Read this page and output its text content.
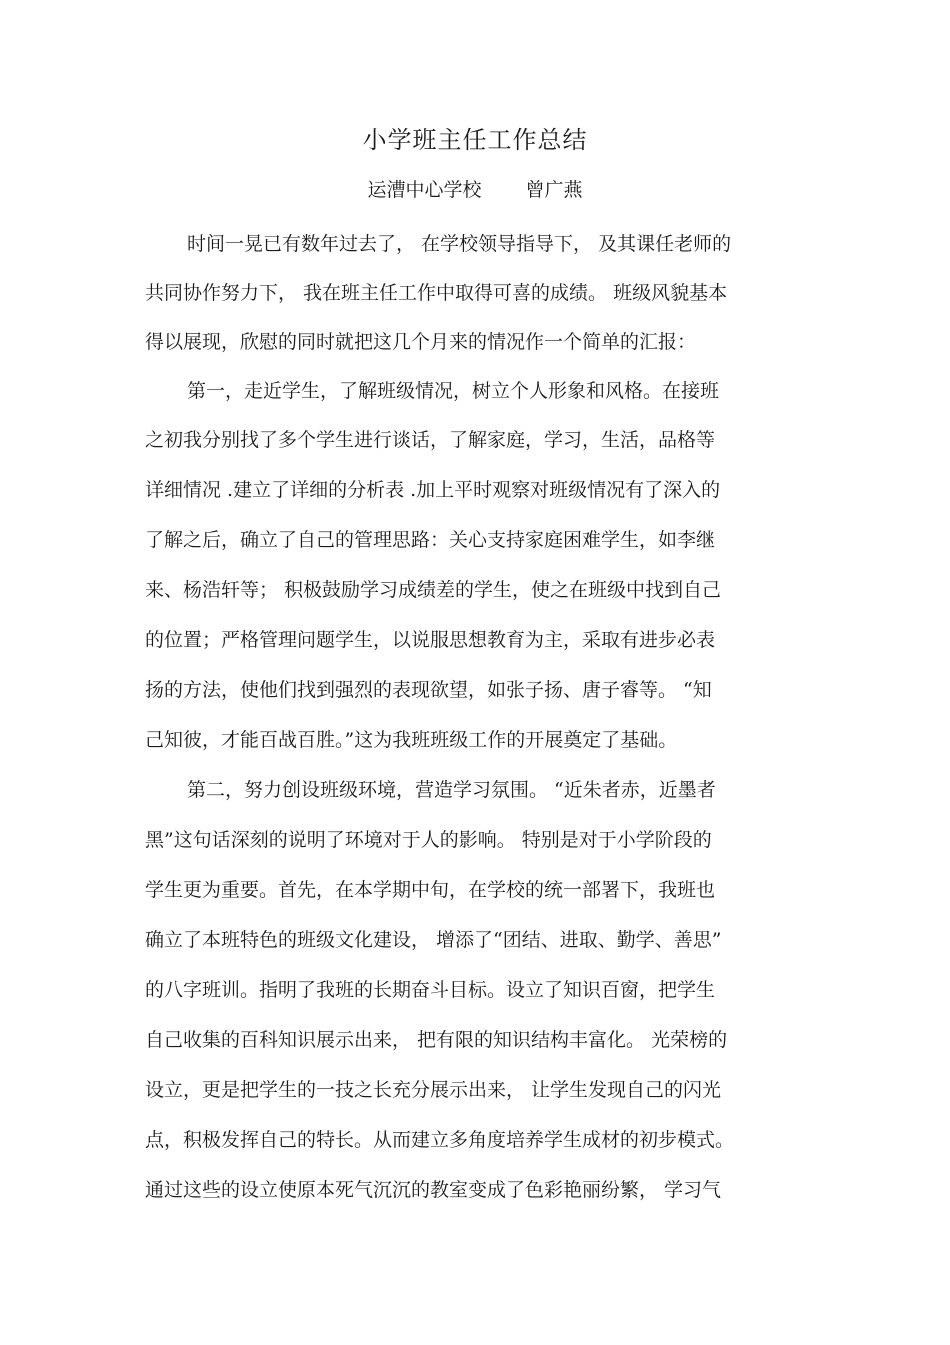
小学班主任工作总结
运漕中心学校 曾广燕
时间一晃已有数年过去了， 在学校领导指导下， 及其课任老师的
共同协作努力下， 我在班主任工作中取得可喜的成绩。 班级风貌基本
得以展现，欣慰的同时就把这几个月来的情况作一个简单的汇报：
第一，走近学生，了解班级情况，树立个人形象和风格。在接班
之初我分别找了多个学生进行谈话，了解家庭，学习，生活，品格等
详细情况 .建立了详细的分析表 .加上平时观察对班级情况有了深入的
了解之后，确立了自己的管理思路：关心支持家庭困难学生，如李继
来、杨浩轩等； 积极鼓励学习成绩差的学生，使之在班级中找到自己
的位置；严格管理问题学生，以说服思想教育为主，采取有进步必表
扬的方法，使他们找到强烈的表现欲望，如张子扬、唐子睿等。 “知
己知彼，才能百战百胜。”这为我班班级工作的开展奠定了基础。
第二，努力创设班级环境，营造学习氛围。 “近朱者赤，近墨者
黑”这句话深刻的说明了环境对于人的影响。 特别是对于小学阶段的
学生更为重要。首先，在本学期中旬，在学校的统一部署下，我班也
确立了本班特色的班级文化建设， 增添了“团结、进取、勤学、善思”
的八字班训。指明了我班的长期奋斗目标。设立了知识百窗，把学生
自己收集的百科知识展示出来， 把有限的知识结构丰富化。 光荣榜的
设立，更是把学生的一技之长充分展示出来， 让学生发现自己的闪光
点，积极发挥自己的特长。从而建立多角度培养学生成材的初步模式。
通过这些的设立使原本死气沉沉的教室变成了色彩艳丽纷繁， 学习气
